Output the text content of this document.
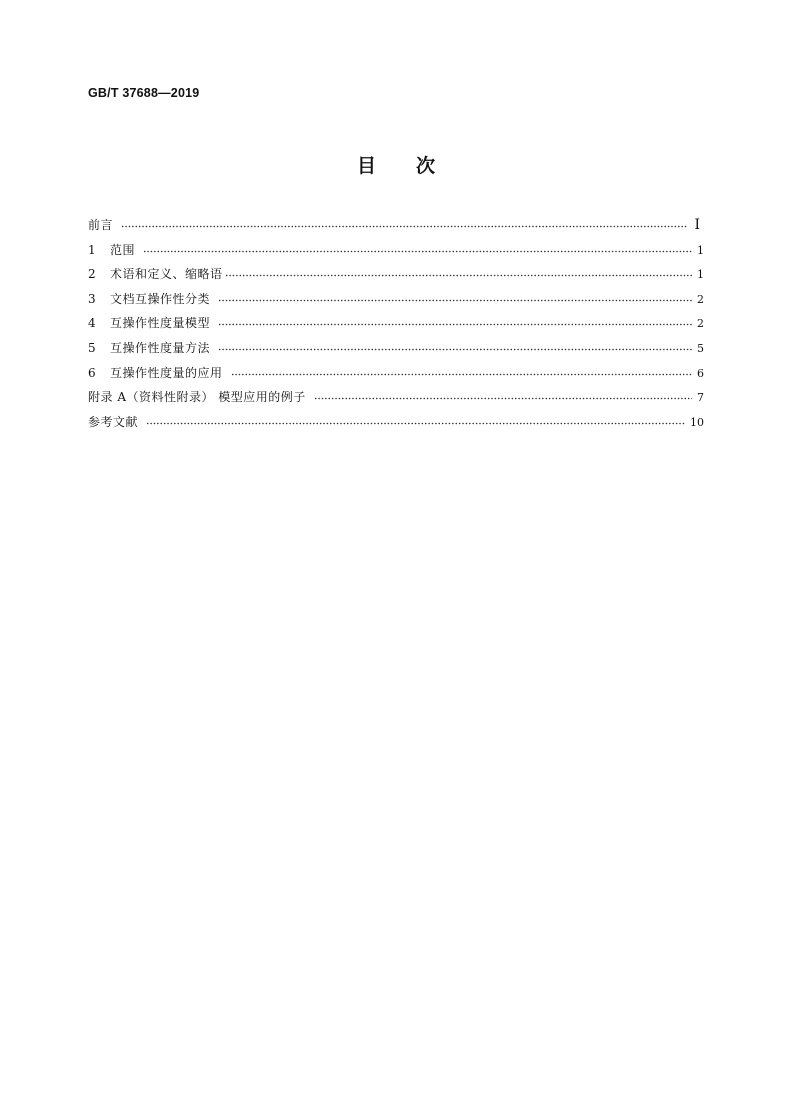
GB/T 37688—2019
目次
前言	I
1	范围	1
2	术语和定义、缩略语	1
3	文档互操作性分类	2
4	互操作性度量模型	2
5	互操作性度量方法	5
6	互操作性度量的应用	6
附录 A（资料性附录） 模型应用的例子	7
参考文献	10
